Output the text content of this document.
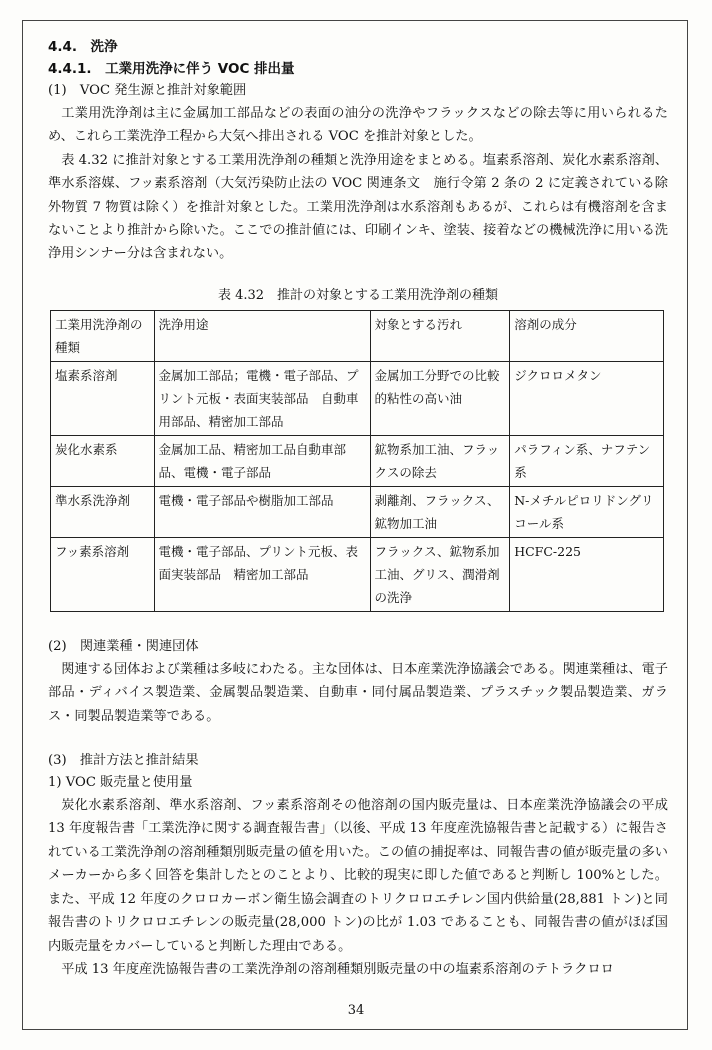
4.4.　洗浄
4.4.1.　工業用洗浄に伴う VOC 排出量
(1)　VOC 発生源と推計対象範囲

工業用洗浄剤は主に金属加工部品などの表面の油分の洗浄やフラックスなどの除去等に用いられるため、これら工業洗浄工程から大気へ排出される VOC を推計対象とした。

表 4.32 に推計対象とする工業用洗浄剤の種類と洗浄用途をまとめる。塩素系溶剤、炭化水素系溶剤、準水系溶媒、フッ素系溶剤（大気汚染防止法の VOC 関連条文　施行令第 2 条の 2 に定義されている除外物質 7 物質は除く）を推計対象とした。工業用洗浄剤は水系溶剤もあるが、これらは有機溶剤を含まないことより推計から除いた。ここでの推計値には、印刷インキ、塗装、接着などの機械洗浄に用いる洗浄用シンナー分は含まれない。

表 4.32　推計の対象とする工業用洗浄剤の種類
工業用洗浄剤の種類	洗浄用途	対象とする汚れ	溶剤の成分
塩素系溶剤	金属加工部品；電機・電子部品、プリント元板・表面実装部品　自動車用部品、精密加工部品	金属加工分野での比較的粘性の高い油	ジクロロメタン
炭化水素系	金属加工品、精密加工品自動車部品、電機・電子部品	鉱物系加工油、フラックスの除去	パラフィン系、ナフテン系
準水系洗浄剤	電機・電子部品や樹脂加工部品	剥離剤、フラックス、鉱物加工油	N-メチルピロリドングリコール系
フッ素系溶剤	電機・電子部品、プリント元板、表面実装部品　精密加工部品	フラックス、鉱物系加工油、グリス、潤滑剤の洗浄	HCFC-225
(2)　関連業種・関連団体

関連する団体および業種は多岐にわたる。主な団体は、日本産業洗浄協議会である。関連業種は、電子部品・ディバイス製造業、金属製品製造業、自動車・同付属品製造業、プラスチック製品製造業、ガラス・同製品製造業等である。

(3)　推計方法と推計結果
1) VOC 販売量と使用量

炭化水素系溶剤、準水系溶剤、フッ素系溶剤その他溶剤の国内販売量は、日本産業洗浄協議会の平成 13 年度報告書「工業洗浄に関する調査報告書」（以後、平成 13 年度産洗協報告書と記載する）に報告されている工業洗浄剤の溶剤種類別販売量の値を用いた。この値の捕捉率は、同報告書の値が販売量の多いメーカーから多く回答を集計したとのことより、比較的現実に即した値であると判断し 100%とした。また、平成 12 年度のクロロカーボン衛生協会調査のトリクロロエチレン国内供給量(28,881 トン)と同報告書のトリクロロエチレンの販売量(28,000 トン)の比が 1.03 であることも、同報告書の値がほぼ国内販売量をカバーしていると判断した理由である。

平成 13 年度産洗協報告書の工業洗浄剤の溶剤種類別販売量の中の塩素系溶剤のテトラクロロ

34
